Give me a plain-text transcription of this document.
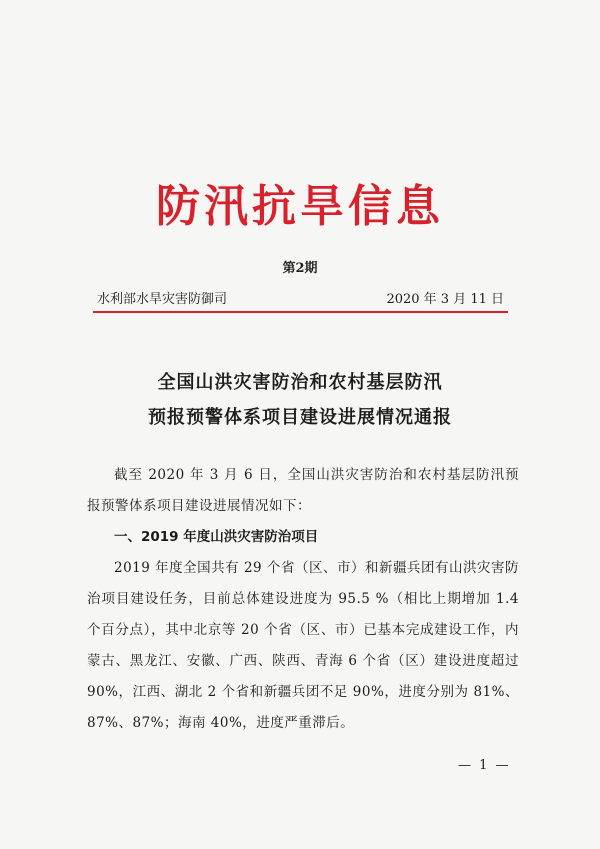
防汛抗旱信息
第2期
水利部水旱灾害防御司	2020 年 3 月 11 日
全国山洪灾害防治和农村基层防汛
预报预警体系项目建设进展情况通报
截至 2020 年 3 月 6 日，全国山洪灾害防治和农村基层防汛预报预警体系项目建设进展情况如下：
一、2019 年度山洪灾害防治项目
2019 年度全国共有 29 个省（区、市）和新疆兵团有山洪灾害防治项目建设任务，目前总体建设进度为 95.5 %（相比上期增加 1.4 个百分点），其中北京等 20 个省（区、市）已基本完成建设工作，内蒙古、黑龙江、安徽、广西、陕西、青海 6 个省（区）建设进度超过 90%，江西、湖北 2 个省和新疆兵团不足 90%，进度分别为 81%、87%、87%；海南 40%，进度严重滞后。
— 1 —
